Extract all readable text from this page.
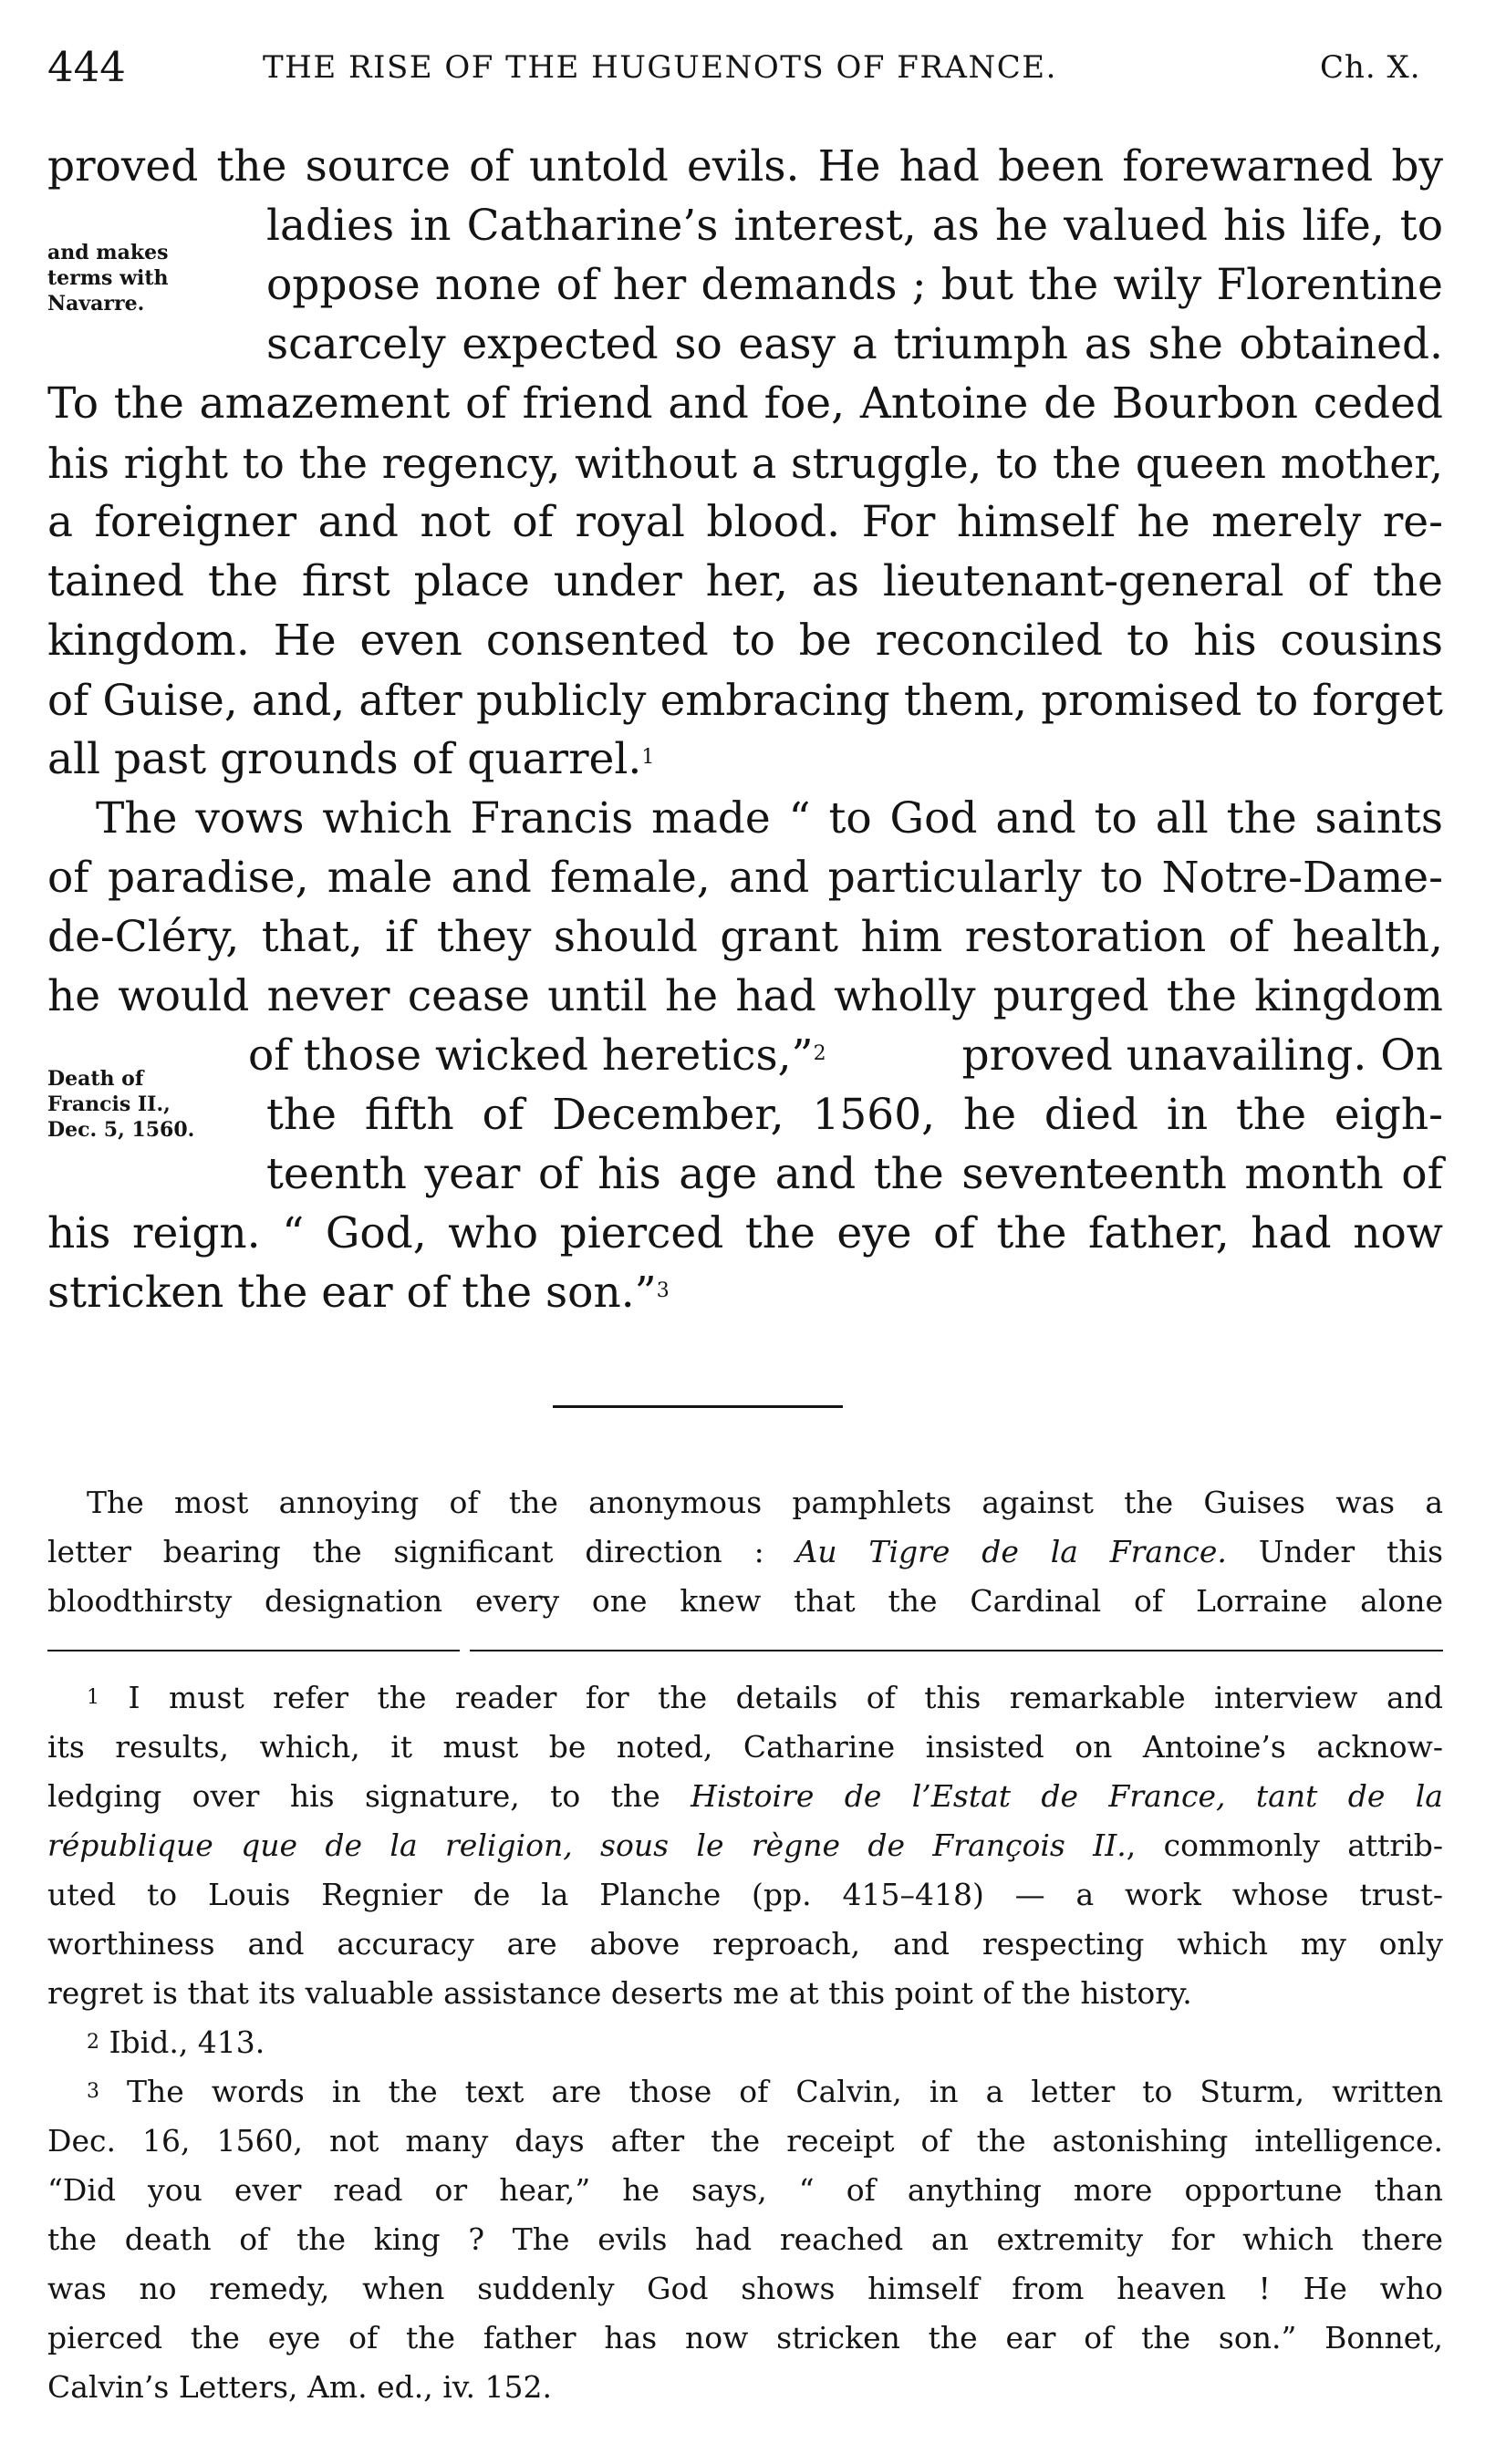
444	THE RISE OF THE HUGUENOTS OF FRANCE.	Ch. X.
and makes
terms with
Navarre.
Death of
Francis II.,
Dec. 5, 1560.
proved the source of untold evils. He had been forewarned by
ladies in Catharine’s interest, as he valued his life, to
oppose none of her demands ; but the wily Florentine
scarcely expected so easy a triumph as she obtained.
To the amazement of friend and foe, Antoine de Bourbon ceded
his right to the regency, without a struggle, to the queen mother,
a foreigner and not of royal blood. For himself he merely re-
tained the first place under her, as lieutenant-general of the
kingdom. He even consented to be reconciled to his cousins
of Guise, and, after publicly embracing them, promised to forget
all past grounds of quarrel.$^1$
The vows which Francis made “ to God and to all the saints
of paradise, male and female, and particularly to Notre-Dame-
de-Cléry, that, if they should grant him restoration of health,
he would never cease until he had wholly purged the kingdom
of those wicked heretics,”$^2$	proved unavailing. On
the fifth of December, 1560, he died in the eigh-
teenth year of his age and the seventeenth month of
his reign. “ God, who pierced the eye of the father, had now
stricken the ear of the son.”$^3$
The most annoying of the anonymous pamphlets against the Guises was a
letter bearing the significant direction : Au Tigre de la France. Under this
bloodthirsty designation every one knew that the Cardinal of Lorraine alone
$^1$ I must refer the reader for the details of this remarkable interview and
its results, which, it must be noted, Catharine insisted on Antoine’s acknow-
ledging over his signature, to the Histoire de l’Estat de France, tant de la
république que de la religion, sous le règne de François II., commonly attrib-
uted to Louis Regnier de la Planche (pp. 415–418) — a work whose trust-
worthiness and accuracy are above reproach, and respecting which my only
regret is that its valuable assistance deserts me at this point of the history.
$^2$ Ibid., 413.
$^3$ The words in the text are those of Calvin, in a letter to Sturm, written
Dec. 16, 1560, not many days after the receipt of the astonishing intelligence.
“Did you ever read or hear,” he says, “ of anything more opportune than
the death of the king ? The evils had reached an extremity for which there
was no remedy, when suddenly God shows himself from heaven ! He who
pierced the eye of the father has now stricken the ear of the son.” Bonnet,
Calvin’s Letters, Am. ed., iv. 152.
